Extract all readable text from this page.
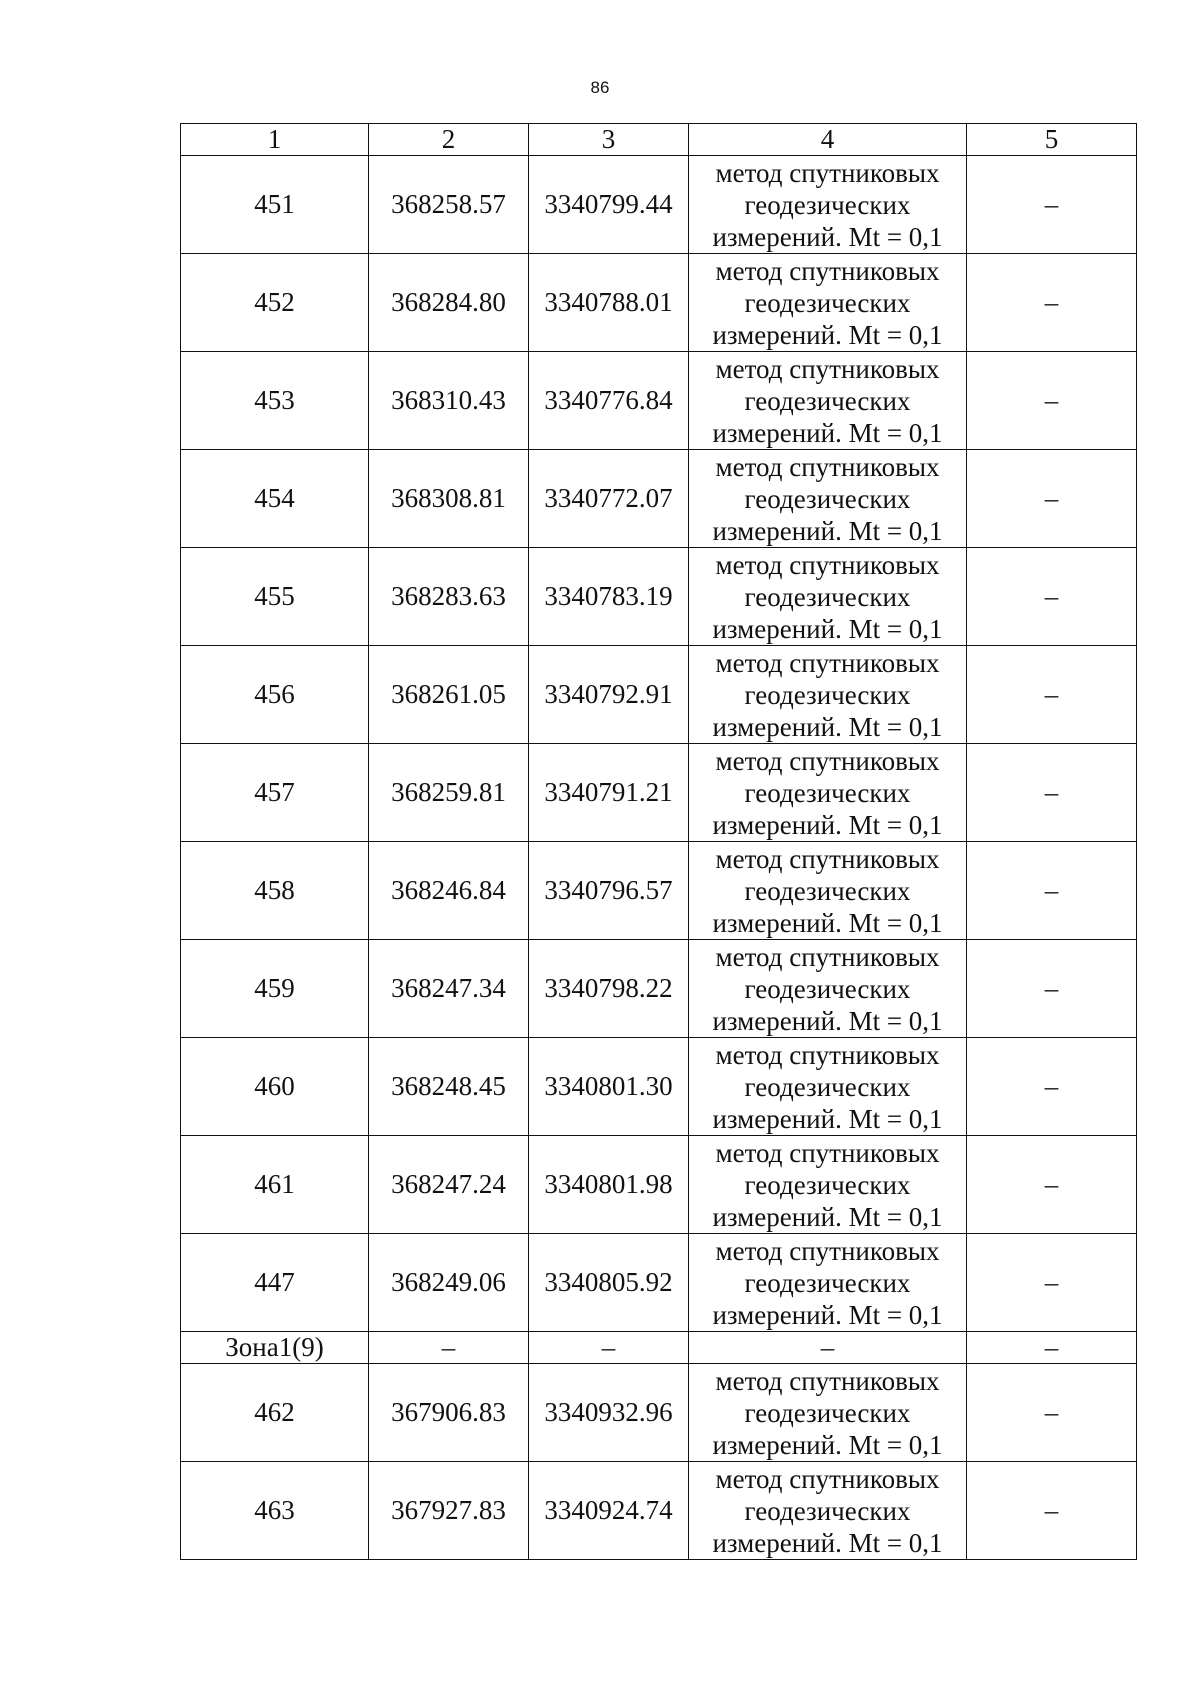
86
1	2	3	4	5
451	368258.57	3340799.44	метод спутниковых
геодезических
измерений. Mt = 0,1	–
452	368284.80	3340788.01	метод спутниковых
геодезических
измерений. Mt = 0,1	–
453	368310.43	3340776.84	метод спутниковых
геодезических
измерений. Mt = 0,1	–
454	368308.81	3340772.07	метод спутниковых
геодезических
измерений. Mt = 0,1	–
455	368283.63	3340783.19	метод спутниковых
геодезических
измерений. Mt = 0,1	–
456	368261.05	3340792.91	метод спутниковых
геодезических
измерений. Mt = 0,1	–
457	368259.81	3340791.21	метод спутниковых
геодезических
измерений. Mt = 0,1	–
458	368246.84	3340796.57	метод спутниковых
геодезических
измерений. Mt = 0,1	–
459	368247.34	3340798.22	метод спутниковых
геодезических
измерений. Mt = 0,1	–
460	368248.45	3340801.30	метод спутниковых
геодезических
измерений. Mt = 0,1	–
461	368247.24	3340801.98	метод спутниковых
геодезических
измерений. Mt = 0,1	–
447	368249.06	3340805.92	метод спутниковых
геодезических
измерений. Mt = 0,1	–
Зона1(9)	–	–	–	–
462	367906.83	3340932.96	метод спутниковых
геодезических
измерений. Mt = 0,1	–
463	367927.83	3340924.74	метод спутниковых
геодезических
измерений. Mt = 0,1	–
